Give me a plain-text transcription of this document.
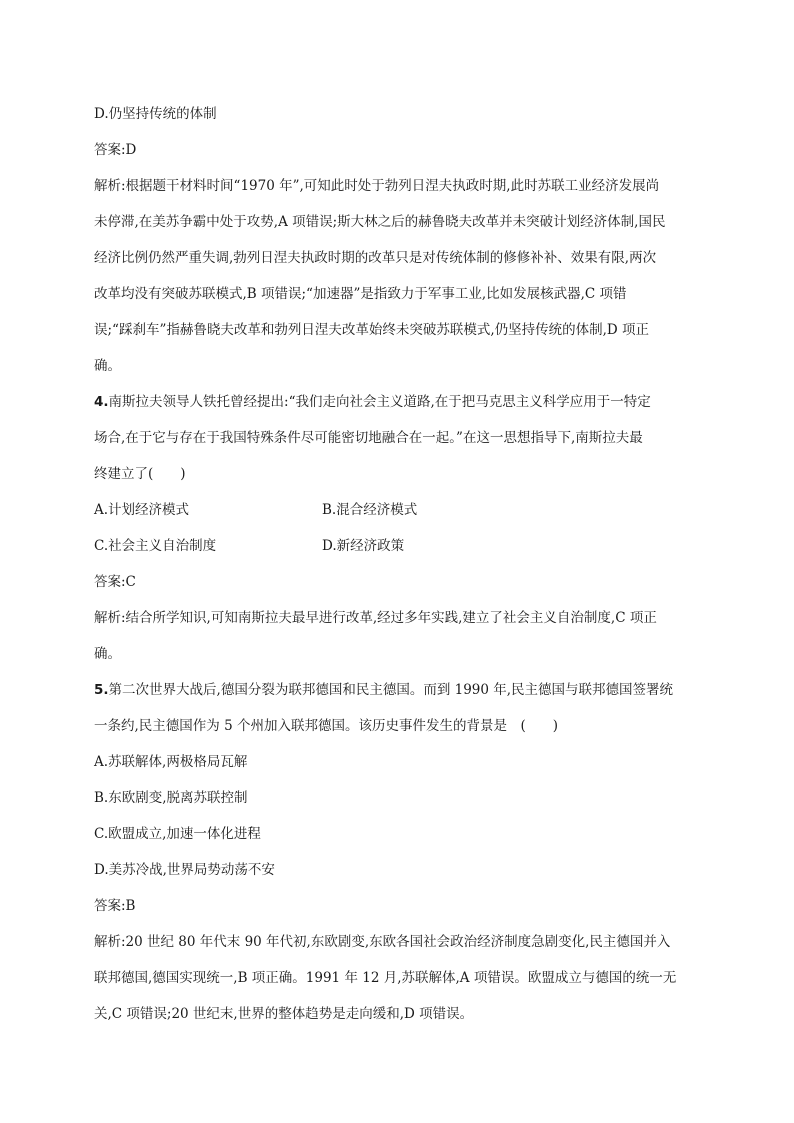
D.仍坚持传统的体制

答案:D

解析:根据题干材料时间“1970 年”,可知此时处于勃列日涅夫执政时期,此时苏联工业经济发展尚

未停滞,在美苏争霸中处于攻势,A 项错误;斯大林之后的赫鲁晓夫改革并未突破计划经济体制,国民

经济比例仍然严重失调,勃列日涅夫执政时期的改革只是对传统体制的修修补补、效果有限,两次

改革均没有突破苏联模式,B 项错误;“加速器”是指致力于军事工业,比如发展核武器,C 项错

误;“踩刹车”指赫鲁晓夫改革和勃列日涅夫改革始终未突破苏联模式,仍坚持传统的体制,D 项正

确。

4.南斯拉夫领导人铁托曾经提出:“我们走向社会主义道路,在于把马克思主义科学应用于一特定

场合,在于它与存在于我国特殊条件尽可能密切地融合在一起。”在这一思想指导下,南斯拉夫最

终建立了(　　)

A.计划经济模式	B.混合经济模式
C.社会主义自治制度	D.新经济政策

答案:C

解析:结合所学知识,可知南斯拉夫最早进行改革,经过多年实践,建立了社会主义自治制度,C 项正

确。

5.第二次世界大战后,德国分裂为联邦德国和民主德国。而到 1990 年,民主德国与联邦德国签署统

一条约,民主德国作为 5 个州加入联邦德国。该历史事件发生的背景是　(　　)

A.苏联解体,两极格局瓦解

B.东欧剧变,脱离苏联控制

C.欧盟成立,加速一体化进程

D.美苏冷战,世界局势动荡不安

答案:B

解析:20 世纪 80 年代末 90 年代初,东欧剧变,东欧各国社会政治经济制度急剧变化,民主德国并入

联邦德国,德国实现统一,B 项正确。1991 年 12 月,苏联解体,A 项错误。欧盟成立与德国的统一无

关,C 项错误;20 世纪末,世界的整体趋势是走向缓和,D 项错误。
